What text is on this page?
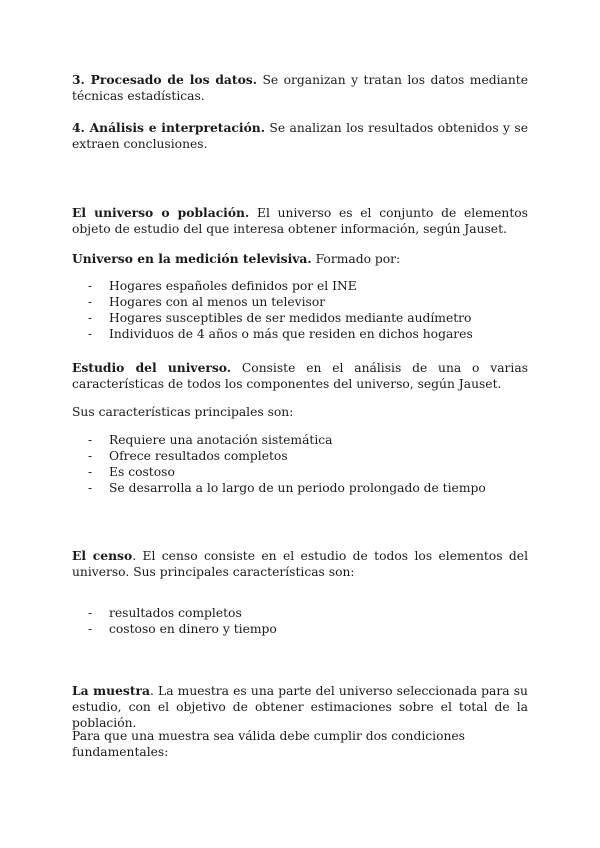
3. Procesado de los datos. Se organizan y tratan los datos mediante técnicas estadísticas.

4. Análisis e interpretación. Se analizan los resultados obtenidos y se extraen conclusiones.

El universo o población. El universo es el conjunto de elementos objeto de estudio del que interesa obtener información, según Jauset.

Universo en la medición televisiva. Formado por:

- Hogares españoles definidos por el INE
- Hogares con al menos un televisor
- Hogares susceptibles de ser medidos mediante audímetro
- Individuos de 4 años o más que residen en dichos hogares

Estudio del universo. Consiste en el análisis de una o varias características de todos los componentes del universo, según Jauset.

Sus características principales son:

- Requiere una anotación sistemática
- Ofrece resultados completos
- Es costoso
- Se desarrolla a lo largo de un periodo prolongado de tiempo

El censo. El censo consiste en el estudio de todos los elementos del universo. Sus principales características son:

- resultados completos
- costoso en dinero y tiempo

La muestra. La muestra es una parte del universo seleccionada para su estudio, con el objetivo de obtener estimaciones sobre el total de la población.

Para que una muestra sea válida debe cumplir dos condiciones fundamentales:
